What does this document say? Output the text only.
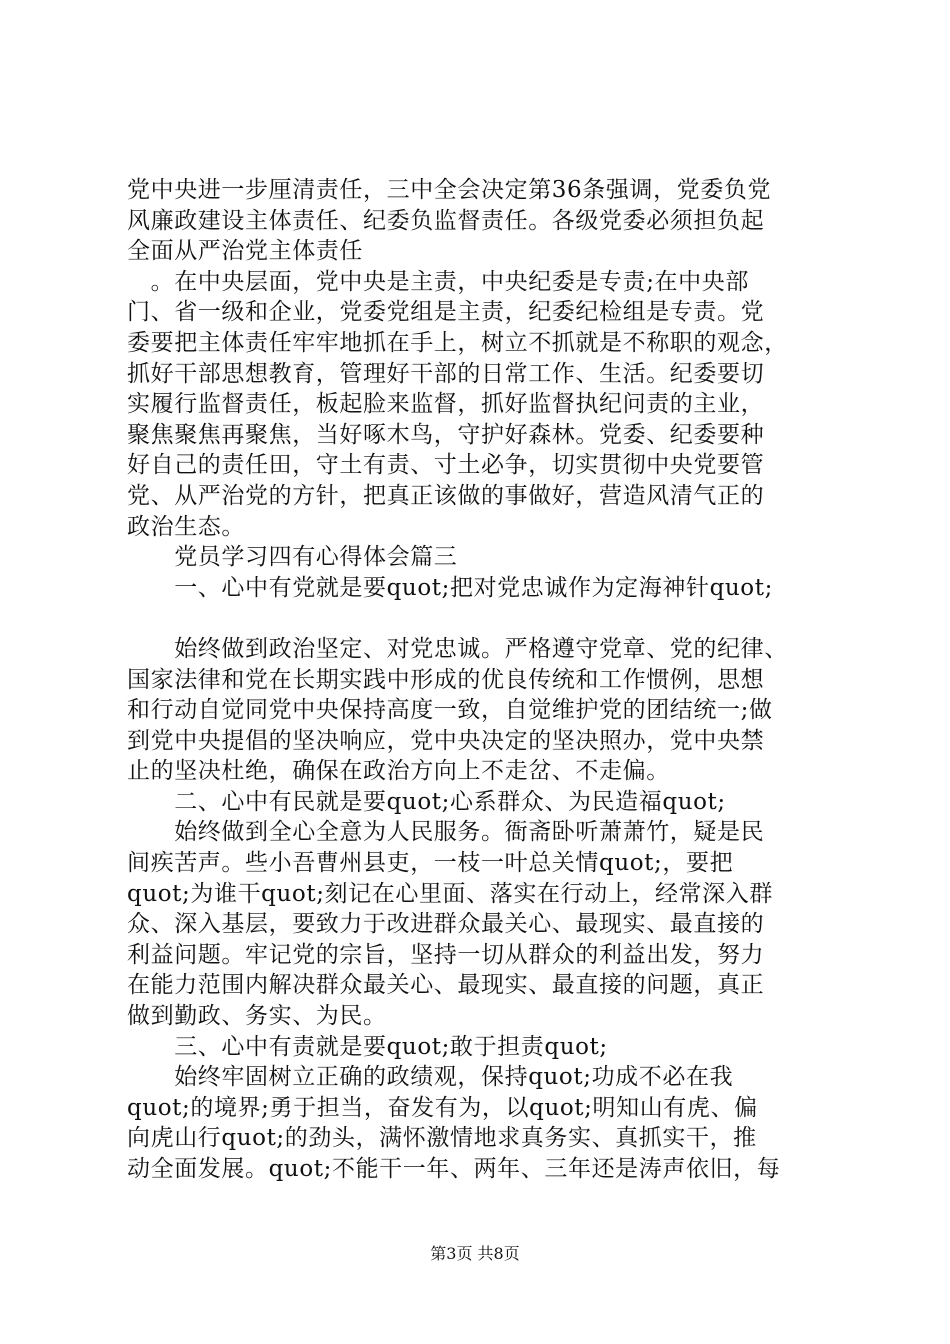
党中央进一步厘清责任，三中全会决定第36条强调，党委负党
风廉政建设主体责任、纪委负监督责任。各级党委必须担负起
全面从严治党主体责任
　。在中央层面，党中央是主责，中央纪委是专责;在中央部
门、省一级和企业，党委党组是主责，纪委纪检组是专责。党
委要把主体责任牢牢地抓在手上，树立不抓就是不称职的观念，
抓好干部思想教育，管理好干部的日常工作、生活。纪委要切
实履行监督责任，板起脸来监督，抓好监督执纪问责的主业，
聚焦聚焦再聚焦，当好啄木鸟，守护好森林。党委、纪委要种
好自己的责任田，守土有责、寸土必争，切实贯彻中央党要管
党、从严治党的方针，把真正该做的事做好，营造风清气正的
政治生态。
　　党员学习四有心得体会篇三
　　一、心中有党就是要quot;把对党忠诚作为定海神针quot;
　　始终做到政治坚定、对党忠诚。严格遵守党章、党的纪律、
国家法律和党在长期实践中形成的优良传统和工作惯例，思想
和行动自觉同党中央保持高度一致，自觉维护党的团结统一;做
到党中央提倡的坚决响应，党中央决定的坚决照办，党中央禁
止的坚决杜绝，确保在政治方向上不走岔、不走偏。
　　二、心中有民就是要quot;心系群众、为民造福quot;
　　始终做到全心全意为人民服务。衙斋卧听萧萧竹，疑是民
间疾苦声。些小吾曹州县吏，一枝一叶总关情quot;，要把
quot;为谁干quot;刻记在心里面、落实在行动上，经常深入群
众、深入基层，要致力于改进群众最关心、最现实、最直接的
利益问题。牢记党的宗旨，坚持一切从群众的利益出发，努力
在能力范围内解决群众最关心、最现实、最直接的问题，真正
做到勤政、务实、为民。
　　三、心中有责就是要quot;敢于担责quot;
　　始终牢固树立正确的政绩观，保持quot;功成不必在我
quot;的境界;勇于担当，奋发有为，以quot;明知山有虎、偏
向虎山行quot;的劲头，满怀激情地求真务实、真抓实干，推
动全面发展。quot;不能干一年、两年、三年还是涛声依旧，每
第3页 共8页
